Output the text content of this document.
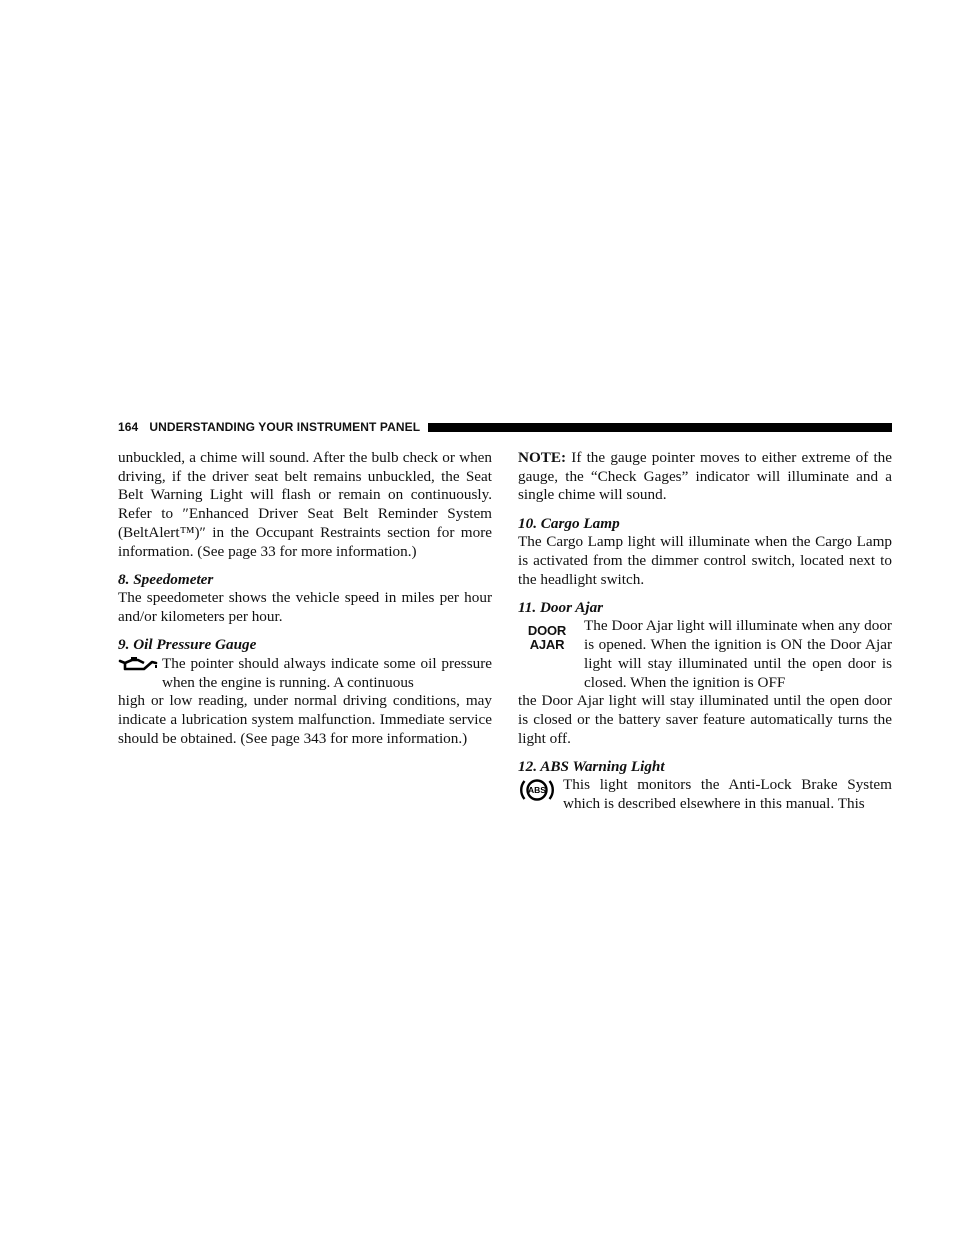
164 UNDERSTANDING YOUR INSTRUMENT PANEL

unbuckled, a chime will sound. After the bulb check or when driving, if the driver seat belt remains unbuckled, the Seat Belt Warning Light will flash or remain on continuously. Refer to ″Enhanced Driver Seat Belt Reminder System (BeltAlert™)″ in the Occupant Restraints section for more information. (See page 33 for more information.)

8. Speedometer

The speedometer shows the vehicle speed in miles per hour and/or kilometers per hour.

9. Oil Pressure Gauge

The pointer should always indicate some oil pressure when the engine is running. A continuous

high or low reading, under normal driving conditions, may indicate a lubrication system malfunction. Immediate service should be obtained. (See page 343 for more information.)

NOTE: If the gauge pointer moves to either extreme of the gauge, the “Check Gages” indicator will illuminate and a single chime will sound.

10. Cargo Lamp

The Cargo Lamp light will illuminate when the Cargo Lamp is activated from the dimmer control switch, located next to the headlight switch.

11. Door Ajar

DOOR
AJAR
The Door Ajar light will illuminate when any door is opened. When the ignition is ON the Door Ajar light will stay illuminated until the open door is closed. When the ignition is OFF

the Door Ajar light will stay illuminated until the open door is closed or the battery saver feature automatically turns the light off.

12. ABS Warning Light

ABS This light monitors the Anti-Lock Brake System which is described elsewhere in this manual. This
